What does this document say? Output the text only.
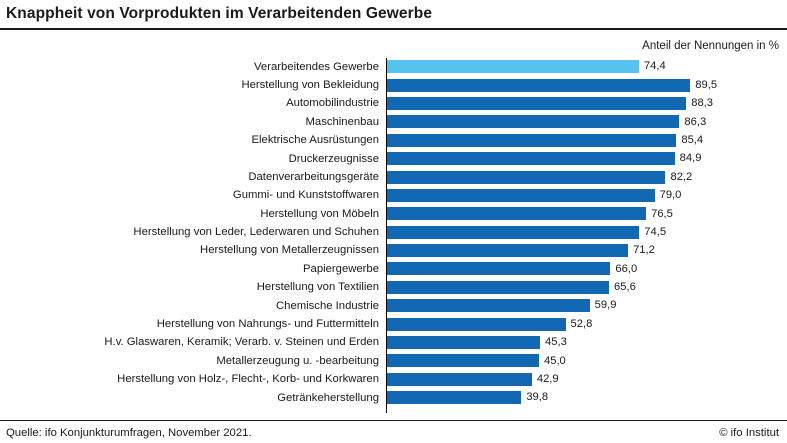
Knappheit von Vorprodukten im Verarbeitenden Gewerbe
Anteil der Nennungen in %
Verarbeitendes Gewerbe	74,4
Herstellung von Bekleidung	89,5
Automobilindustrie	88,3
Maschinenbau	86,3
Elektrische Ausrüstungen	85,4
Druckerzeugnisse	84,9
Datenverarbeitungsgeräte	82,2
Gummi- und Kunststoffwaren	79,0
Herstellung von Möbeln	76,5
Herstellung von Leder, Lederwaren und Schuhen	74,5
Herstellung von Metallerzeugnissen	71,2
Papiergewerbe	66,0
Herstellung von Textilien	65,6
Chemische Industrie	59,9
Herstellung von Nahrungs- und Futtermitteln	52,8
H.v. Glaswaren, Keramik; Verarb. v. Steinen und Erden	45,3
Metallerzeugung u. -bearbeitung	45,0
Herstellung von Holz-, Flecht-, Korb- und Korkwaren	42,9
Getränkeherstellung	39,8
Quelle: ifo Konjunkturumfragen, November 2021.	© ifo Institut
